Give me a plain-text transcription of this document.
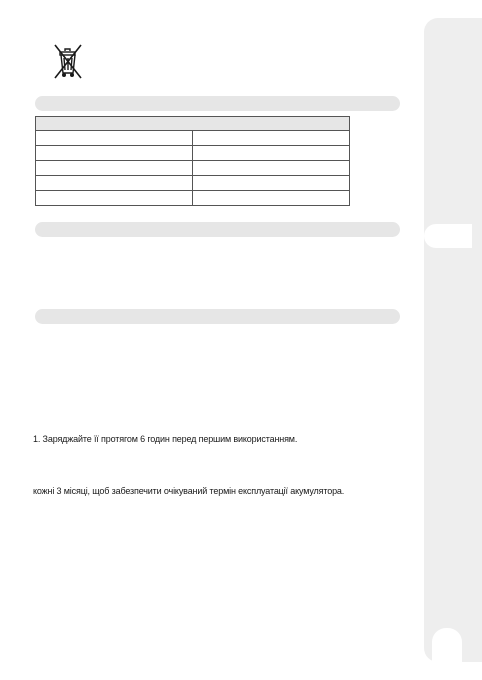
1. Заряджайте її протягом 6 годин перед першим використанням.
кожні 3 місяці, щоб забезпечити очікуваний термін експлуатації акумулятора.
